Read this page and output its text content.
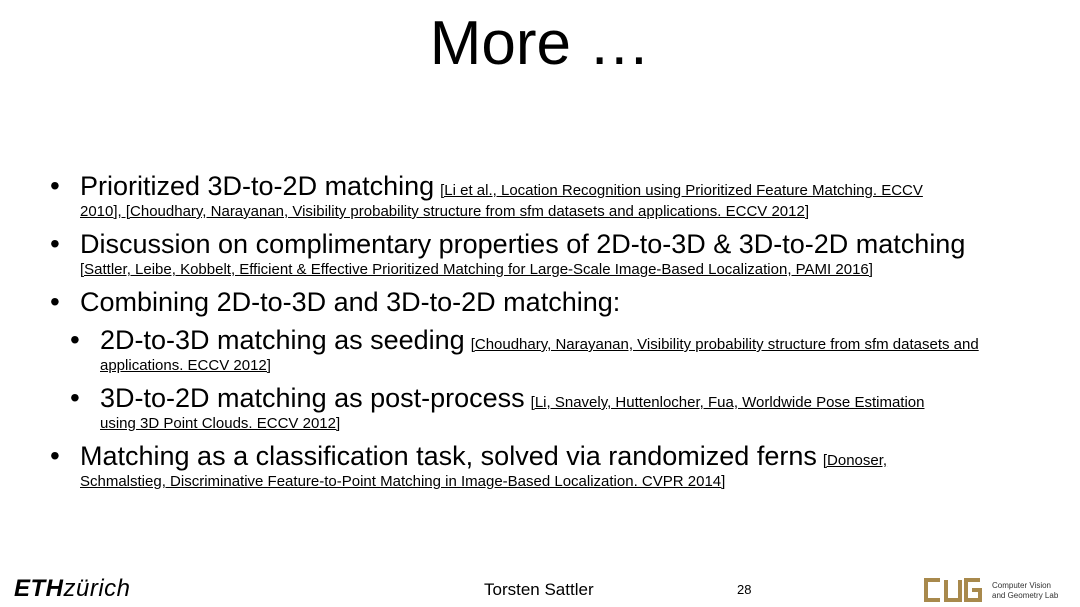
More …
• Prioritized 3D-to-2D matching [Li et al., Location Recognition using Prioritized Feature Matching. ECCV
2010], [Choudhary, Narayanan, Visibility probability structure from sfm datasets and applications. ECCV 2012]
• Discussion on complimentary properties of 2D-to-3D & 3D-to-2D matching
[Sattler, Leibe, Kobbelt, Efficient & Effective Prioritized Matching for Large-Scale Image-Based Localization, PAMI 2016]
• Combining 2D-to-3D and 3D-to-2D matching:
• 2D-to-3D matching as seeding [Choudhary, Narayanan, Visibility probability structure from sfm datasets and
applications. ECCV 2012]
• 3D-to-2D matching as post-process [Li, Snavely, Huttenlocher, Fua, Worldwide Pose Estimation
using 3D Point Clouds. ECCV 2012]
• Matching as a classification task, solved via randomized ferns [Donoser,
Schmalstieg, Discriminative Feature-to-Point Matching in Image-Based Localization. CVPR 2014]
ETHzürich	Torsten Sattler	28	Computer Vision
and Geometry Lab
